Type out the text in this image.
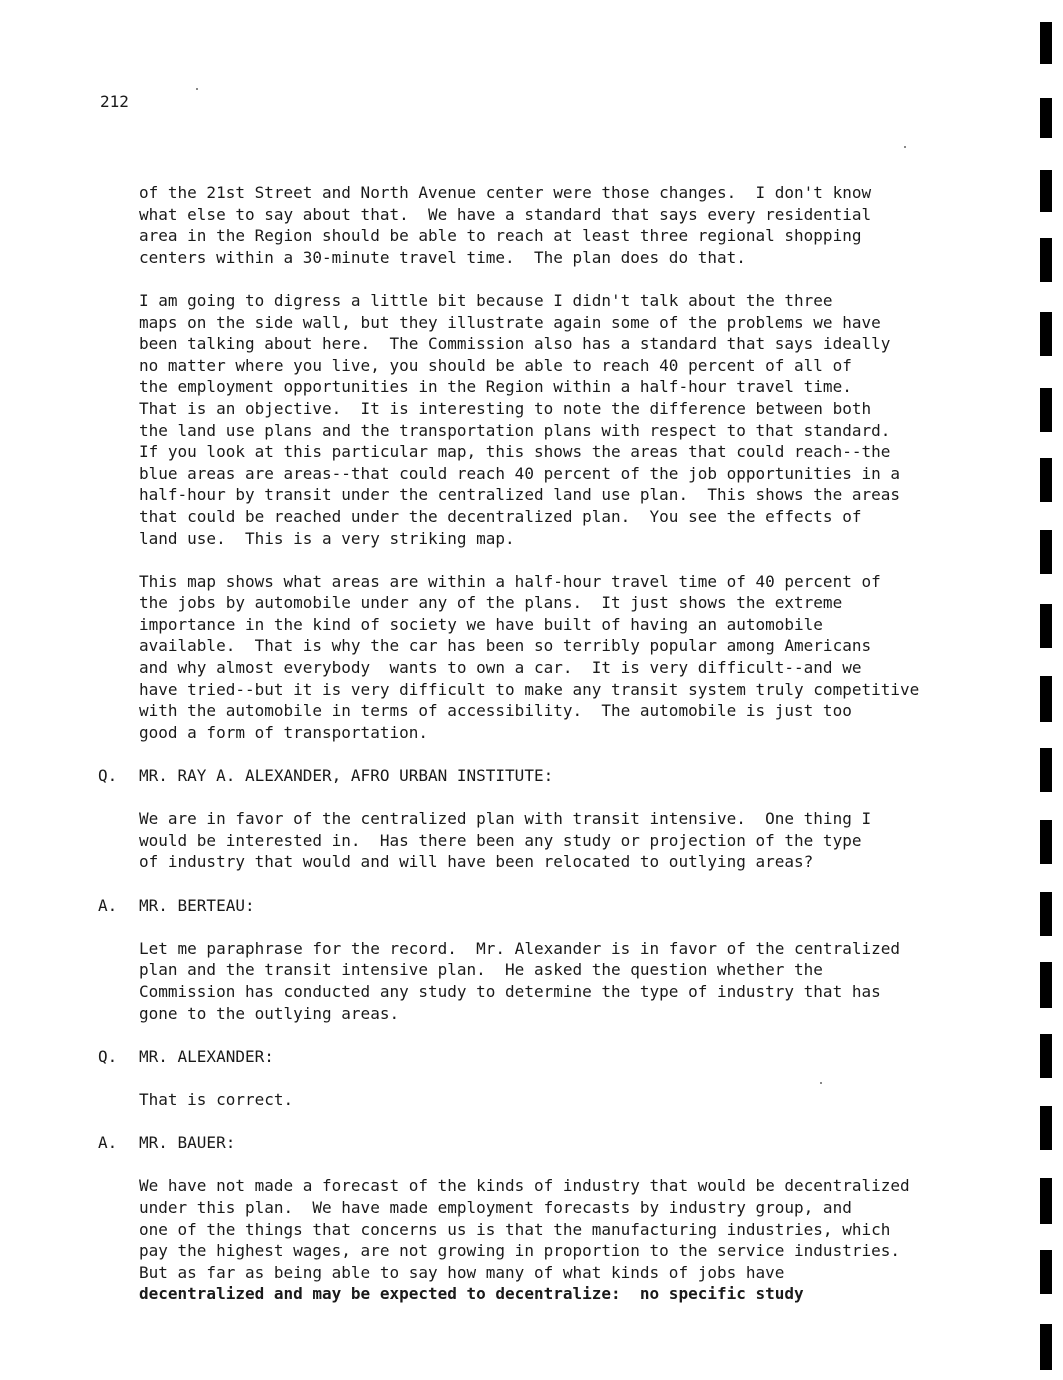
212
of the 21st Street and North Avenue center were those changes.  I don't know
what else to say about that.  We have a standard that says every residential
area in the Region should be able to reach at least three regional shopping
centers within a 30-minute travel time.  The plan does do that.
I am going to digress a little bit because I didn't talk about the three
maps on the side wall, but they illustrate again some of the problems we have
been talking about here.  The Commission also has a standard that says ideally
no matter where you live, you should be able to reach 40 percent of all of
the employment opportunities in the Region within a half-hour travel time.
That is an objective.  It is interesting to note the difference between both
the land use plans and the transportation plans with respect to that standard.
If you look at this particular map, this shows the areas that could reach--the
blue areas are areas--that could reach 40 percent of the job opportunities in a
half-hour by transit under the centralized land use plan.  This shows the areas
that could be reached under the decentralized plan.  You see the effects of
land use.  This is a very striking map.
This map shows what areas are within a half-hour travel time of 40 percent of
the jobs by automobile under any of the plans.  It just shows the extreme
importance in the kind of society we have built of having an automobile
available.  That is why the car has been so terribly popular among Americans
and why almost everybody  wants to own a car.  It is very difficult--and we
have tried--but it is very difficult to make any transit system truly competitive
with the automobile in terms of accessibility.  The automobile is just too
good a form of transportation.
Q.	MR. RAY A. ALEXANDER, AFRO URBAN INSTITUTE:
We are in favor of the centralized plan with transit intensive.  One thing I
would be interested in.  Has there been any study or projection of the type
of industry that would and will have been relocated to outlying areas?
A.	MR. BERTEAU:
Let me paraphrase for the record.  Mr. Alexander is in favor of the centralized
plan and the transit intensive plan.  He asked the question whether the
Commission has conducted any study to determine the type of industry that has
gone to the outlying areas.
Q.	MR. ALEXANDER:
That is correct.
A.	MR. BAUER:
We have not made a forecast of the kinds of industry that would be decentralized
under this plan.  We have made employment forecasts by industry group, and
one of the things that concerns us is that the manufacturing industries, which
pay the highest wages, are not growing in proportion to the service industries.
But as far as being able to say how many of what kinds of jobs have
decentralized and may be expected to decentralize:  no specific study
